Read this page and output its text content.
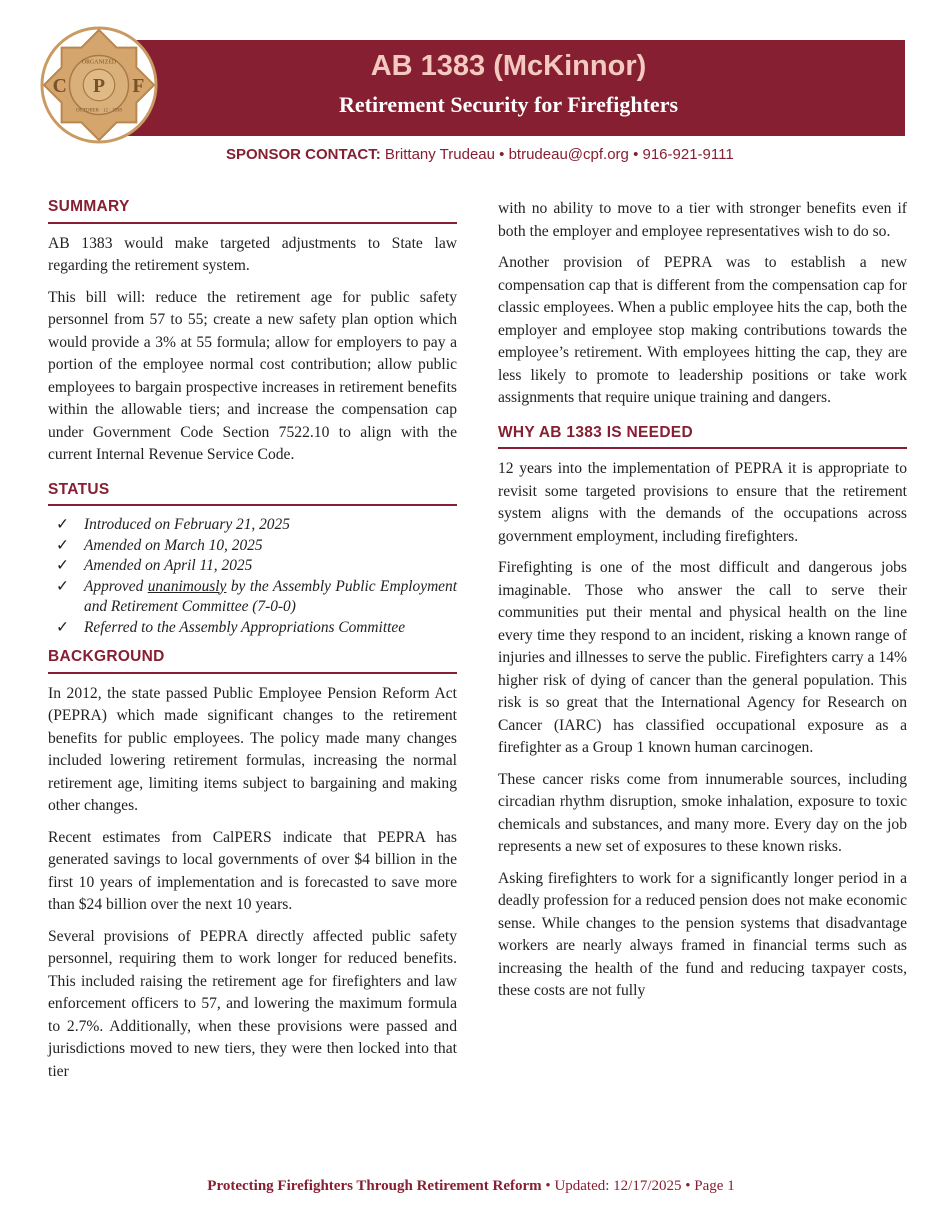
P
C	F
ORGANIZED
OCTOBER · 12 · 1938
AB 1383 (McKinnor)
Retirement Security for Firefighters
SPONSOR CONTACT: Brittany Trudeau • btrudeau@cpf.org • 916-921-9111
SUMMARY

AB 1383 would make targeted adjustments to State law regarding the retirement system.

This bill will: reduce the retirement age for public safety personnel from 57 to 55; create a new safety plan option which would provide a 3% at 55 formula; allow for employers to pay a portion of the employee normal cost contribution; allow public employees to bargain prospective increases in retirement benefits within the allowable tiers; and increase the compensation cap under Government Code Section 7522.10 to align with the current Internal Revenue Service Code.

STATUS
✓ Introduced on February 21, 2025
✓ Amended on March 10, 2025
✓ Amended on April 11, 2025
✓ Approved unanimously by the Assembly Public Employment and Retirement Committee (7-0-0)
✓ Referred to the Assembly Appropriations Committee
BACKGROUND

In 2012, the state passed Public Employee Pension Reform Act (PEPRA) which made significant changes to the retirement benefits for public employees. The policy made many changes included lowering retirement formulas, increasing the normal retirement age, limiting items subject to bargaining and making other changes.

Recent estimates from CalPERS indicate that PEPRA has generated savings to local governments of over $4 billion in the first 10 years of implementation and is forecasted to save more than $24 billion over the next 10 years.

Several provisions of PEPRA directly affected public safety personnel, requiring them to work longer for reduced benefits. This included raising the retirement age for firefighters and law enforcement officers to 57, and lowering the maximum formula to 2.7%. Additionally, when these provisions were passed and jurisdictions moved to new tiers, they were then locked into that tier

with no ability to move to a tier with stronger benefits even if both the employer and employee representatives wish to do so.

Another provision of PEPRA was to establish a new compensation cap that is different from the compensation cap for classic employees. When a public employee hits the cap, both the employer and employee stop making contributions towards the employee’s retirement. With employees hitting the cap, they are less likely to promote to leadership positions or take work assignments that require unique training and dangers.

WHY AB 1383 IS NEEDED

12 years into the implementation of PEPRA it is appropriate to revisit some targeted provisions to ensure that the retirement system aligns with the demands of the occupations across government employment, including firefighters.

Firefighting is one of the most difficult and dangerous jobs imaginable. Those who answer the call to serve their communities put their mental and physical health on the line every time they respond to an incident, risking a known range of injuries and illnesses to serve the public. Firefighters carry a 14% higher risk of dying of cancer than the general population. This risk is so great that the International Agency for Research on Cancer (IARC) has classified occupational exposure as a firefighter as a Group 1 known human carcinogen.

These cancer risks come from innumerable sources, including circadian rhythm disruption, smoke inhalation, exposure to toxic chemicals and substances, and many more. Every day on the job represents a new set of exposures to these known risks.

Asking firefighters to work for a significantly longer period in a deadly profession for a reduced pension does not make economic sense. While changes to the pension systems that disadvantage workers are nearly always framed in financial terms such as increasing the health of the fund and reducing taxpayer costs, these costs are not fully

Protecting Firefighters Through Retirement Reform • Updated: 12/17/2025 • Page 1
